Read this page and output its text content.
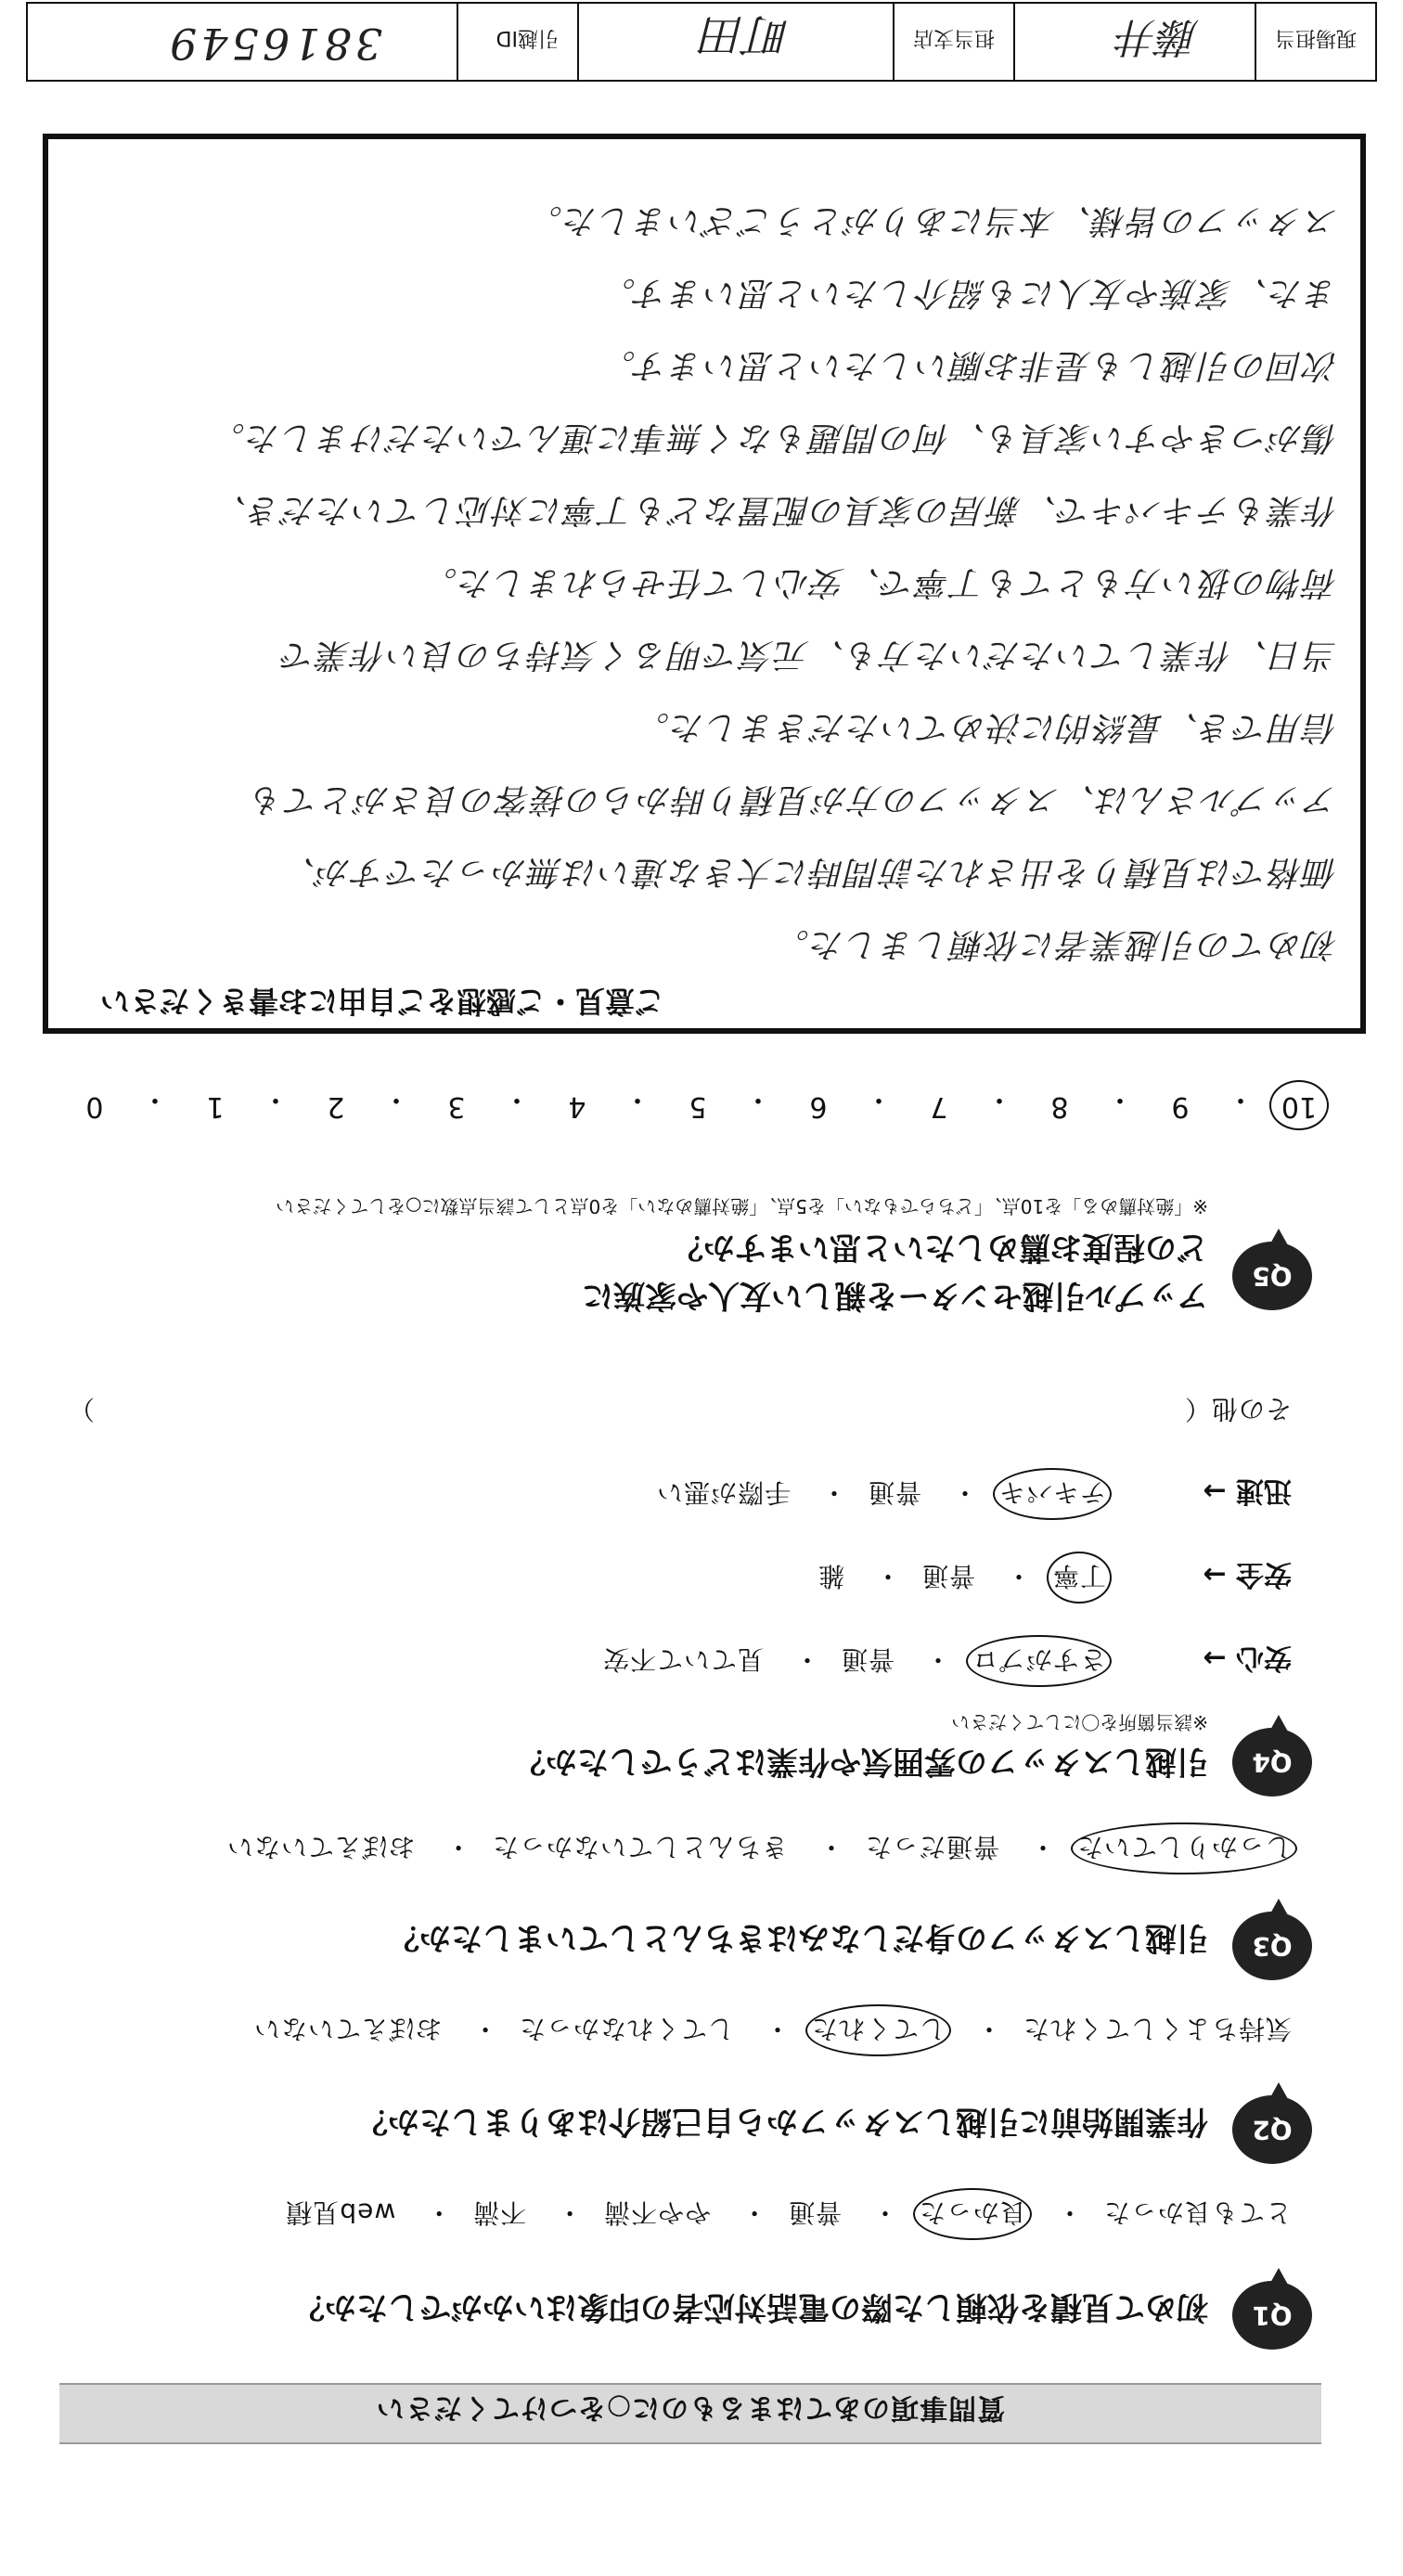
質問事項のあてはまるものに○をつけてください
Q1
初めて見積を依頼した際の電話対応者の印象はいかがでしたか？
とても良かった・ 良かった・ 普通・ やや不満・ 不満・ web見積
Q2
作業開始前に引越しスタッフから自己紹介はありましたか？
気持ちよくしてくれた・ してくれた・ してくれなかった・ おぼえていない
Q3
引越しスタッフの身だしなみはきちんとしていましたか？
しっかりしていた・ 普通だった・ きちんとしていなかった・ おぼえていない
Q4
引越しスタッフの雰囲気や作業はどうでしたか？
※該当箇所を〇にしてください
安心 →
さすがプロ・ 普通・ 見ていて不安
安全 →
丁寧・ 普通・ 雑
迅速 →
テキパキ・ 普通・ 手際が悪い
その他（
）
Q5
アップル引越センターを親しい友人や家族に
どの程度お薦めしたいと思いますか？
※「絶対薦める」を10点、「どちらでもない」を5点、「絶対薦めない」を0点として該当点数に○をしてください
10
・
9
・
8
・
7
・
6
・
5
・
4
・
3
・
2
・
1
・
0
ご意見・ご感想をご自由にお書きください
初めての引越業者に依頼しました。
価格では見積りを出された訪問時に大きな違いは無かったですが、
アップルさんは、スタッフの方が見積り時からの接客の良さがとても
信用でき、最終的に決めていただきました。
当日、作業していただいた方も、元気で明るく気持ちの良い作業で
荷物の扱い方もとても丁寧で、安心して任せられました。
作業もテキパキで、新居の家具の配置なども丁寧に対応していただき、
傷がつきやすい家具も、何の問題もなく無事に運んでいただけました。
次回の引越しも是非お願いしたいと思います。
また、家族や友人にも紹介したいと思います。
スタッフの皆様、本当にありがとうございました。
現場担当
藤井
担当支店
町田
引越ID
3816549
